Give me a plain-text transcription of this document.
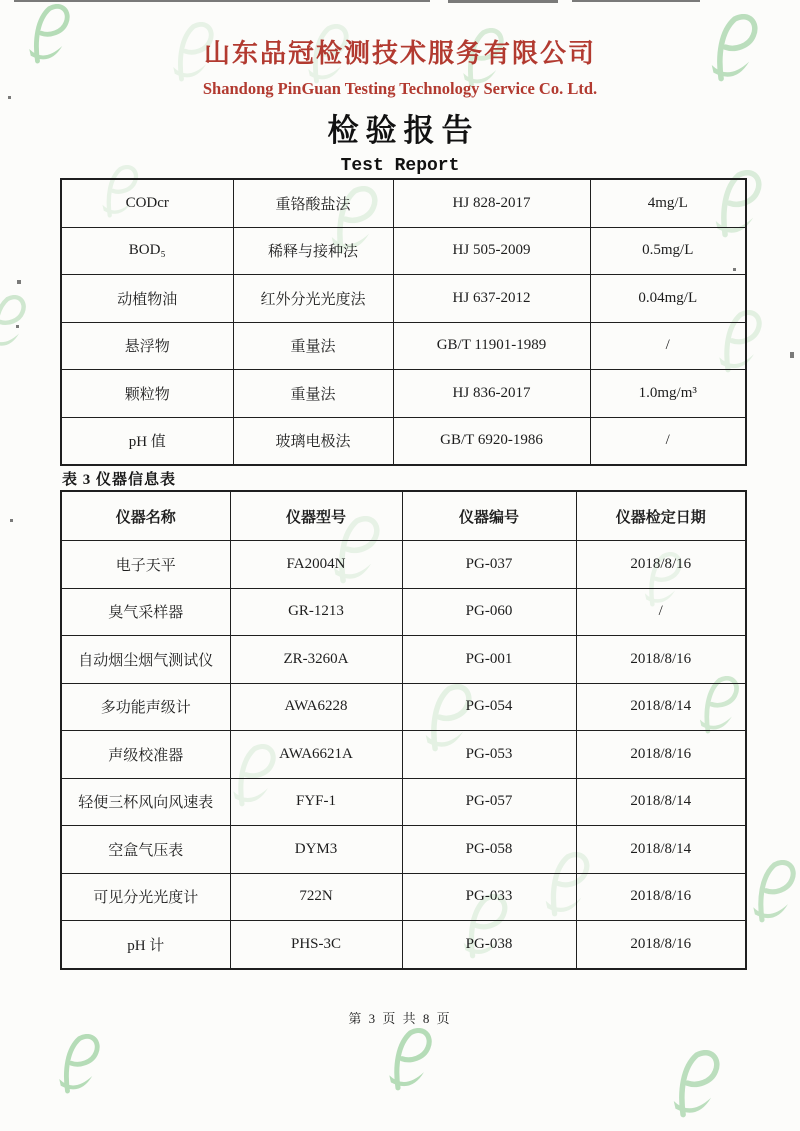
山东品冠检测技术服务有限公司
Shandong PinGuan Testing Technology Service Co. Ltd.
检验报告
Test Report
CODcr	重铬酸盐法	HJ 828-2017	4mg/L
BOD₅	稀释与接种法	HJ 505-2009	0.5mg/L
动植物油	红外分光光度法	HJ 637-2012	0.04mg/L
悬浮物	重量法	GB/T 11901-1989	/
颗粒物	重量法	HJ 836-2017	1.0mg/m³
pH 值	玻璃电极法	GB/T 6920-1986	/
表 3 仪器信息表
仪器名称	仪器型号	仪器编号	仪器检定日期
电子天平	FA2004N	PG-037	2018/8/16
臭气采样器	GR-1213	PG-060	/
自动烟尘烟气测试仪	ZR-3260A	PG-001	2018/8/16
多功能声级计	AWA6228	PG-054	2018/8/14
声级校准器	AWA6621A	PG-053	2018/8/16
轻便三杯风向风速表	FYF-1	PG-057	2018/8/14
空盒气压表	DYM3	PG-058	2018/8/14
可见分光光度计	722N	PG-033	2018/8/16
pH 计	PHS-3C	PG-038	2018/8/16
第 3 页 共 8 页
